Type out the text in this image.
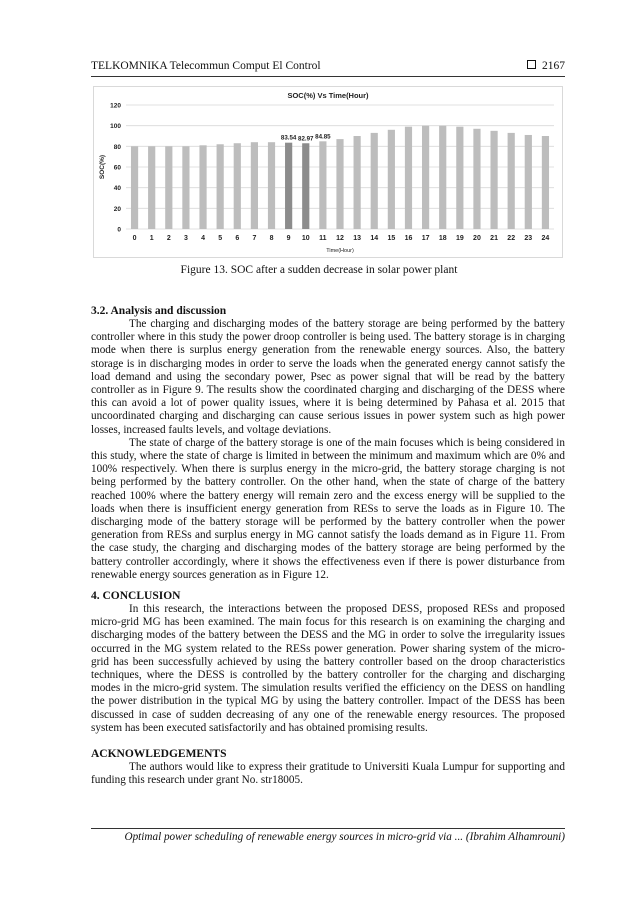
TELKOMNIKA Telecommun Comput El Control	2167
SOC(%) Vs Time(Hour)
0
20
40
60
80
100
120
SOC(%)
0 1 2 3 4 5 6 7 8 9
83.54
10
82.97
11
84.85
12 13 14 15 16 17 18 19 20 21 22 23 24
Time(Hour)
Figure 13. SOC after a sudden decrease in solar power plant
3.2. Analysis and discussion

The charging and discharging modes of the battery storage are being performed by the battery controller where in this study the power droop controller is being used. The battery storage is in charging mode when there is surplus energy generation from the renewable energy sources. Also, the battery storage is in discharging modes in order to serve the loads when the generated energy cannot satisfy the load demand and using the secondary power, Psec as power signal that will be read by the battery controller as in Figure 9. The results show the coordinated charging and discharging of the DESS where this can avoid a lot of power quality issues, where it is being determined by Pahasa et al. 2015 that uncoordinated charging and discharging can cause serious issues in power system such as high power losses, increased faults levels, and voltage deviations.

The state of charge of the battery storage is one of the main focuses which is being considered in this study, where the state of charge is limited in between the minimum and maximum which are 0% and 100% respectively. When there is surplus energy in the micro-grid, the battery storage charging is not being performed by the battery controller. On the other hand, when the state of charge of the battery reached 100% where the battery energy will remain zero and the excess energy will be supplied to the loads when there is insufficient energy generation from RESs to serve the loads as in Figure 10. The discharging mode of the battery storage will be performed by the battery controller when the power generation from RESs and surplus energy in MG cannot satisfy the loads demand as in Figure 11. From the case study, the charging and discharging modes of the battery storage are being performed by the battery controller accordingly, where it shows the effectiveness even if there is power disturbance from renewable energy sources generation as in Figure 12.

4. CONCLUSION

In this research, the interactions between the proposed DESS, proposed RESs and proposed micro-grid MG has been examined. The main focus for this research is on examining the charging and discharging modes of the battery between the DESS and the MG in order to solve the irregularity issues occurred in the MG system related to the RESs power generation. Power sharing system of the micro-grid has been successfully achieved by using the battery controller based on the droop characteristics techniques, where the DESS is controlled by the battery controller for the charging and discharging modes in the micro-grid system. The simulation results verified the efficiency on the DESS on handling the power distribution in the typical MG by using the battery controller. Impact of the DESS has been discussed in case of sudden decreasing of any one of the renewable energy resources. The proposed system has been executed satisfactorily and has obtained promising results.

ACKNOWLEDGEMENTS

The authors would like to express their gratitude to Universiti Kuala Lumpur for supporting and funding this research under grant No. str18005.

Optimal power scheduling of renewable energy sources in micro-grid via ... (Ibrahim Alhamrouni)
